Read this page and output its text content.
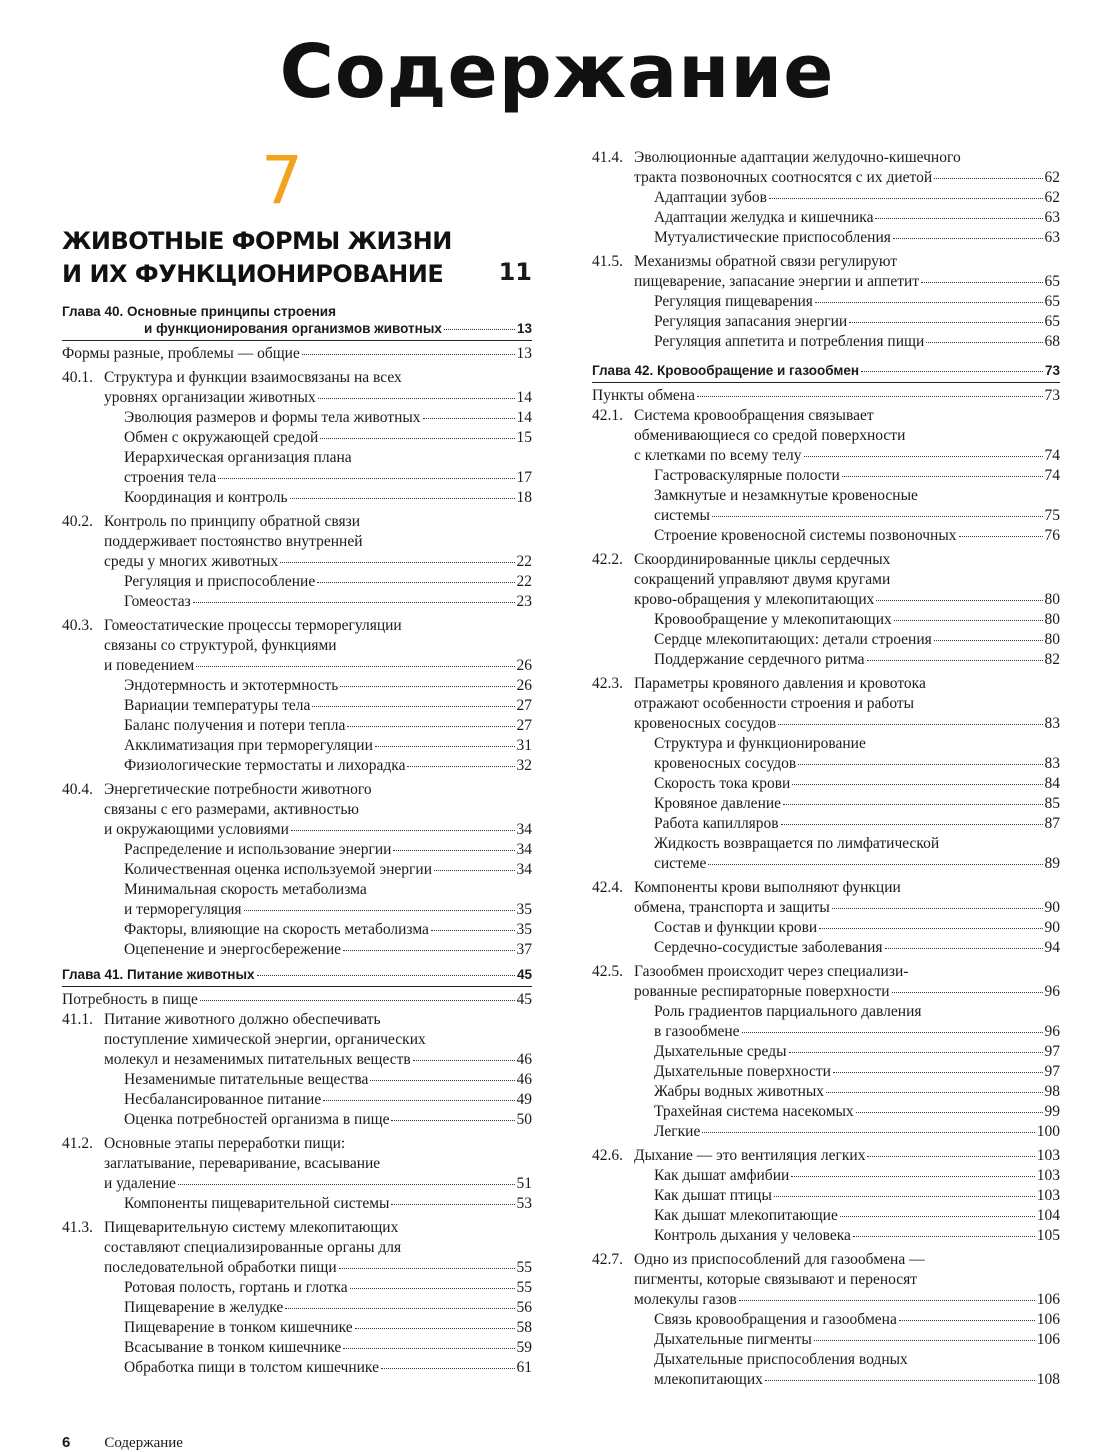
Содержание
7
ЖИВОТНЫЕ ФОРМЫ ЖИЗНИ
И ИХ ФУНКЦИОНИРОВАНИЕ	11
Глава 40. Основные принципы строения
и функционирования организмов животных	13
Формы разные, проблемы — общие	13
40.1. Структура и функции взаимосвязаны на всех
уровнях организации животных	14
Эволюция размеров и формы тела животных	14
Обмен с окружающей средой	15
Иерархическая организация плана
строения тела	17
Координация и контроль	18
40.2. Контроль по принципу обратной связи
поддерживает постоянство внутренней
среды у многих животных	22
Регуляция и приспособление	22
Гомеостаз	23
40.3. Гомеостатические процессы терморегуляции
связаны со структурой, функциями
и поведением	26
Эндотермность и эктотермность	26
Вариации температуры тела	27
Баланс получения и потери тепла	27
Акклиматизация при терморегуляции	31
Физиологические термостаты и лихорадка	32
40.4. Энергетические потребности животного
связаны с его размерами, активностью
и окружающими условиями	34
Распределение и использование энергии	34
Количественная оценка используемой энергии	34
Минимальная скорость метаболизма
и терморегуляция	35
Факторы, влияющие на скорость метаболизма	35
Оцепенение и энергосбережение	37
Глава 41. Питание животных	45
Потребность в пище	45
41.1. Питание животного должно обеспечивать
поступление химической энергии, органических
молекул и незаменимых питательных веществ	46
Незаменимые питательные вещества	46
Несбалансированное питание	49
Оценка потребностей организма в пище	50
41.2. Основные этапы переработки пищи:
заглатывание, переваривание, всасывание
и удаление	51
Компоненты пищеварительной системы	53
41.3. Пищеварительную систему млекопитающих
составляют специализированные органы для
последовательной обработки пищи	55
Ротовая полость, гортань и глотка	55
Пищеварение в желудке	56
Пищеварение в тонком кишечнике	58
Всасывание в тонком кишечнике	59
Обработка пищи в толстом кишечнике	61
41.4. Эволюционные адаптации желудочно-кишечного
тракта позвоночных соотносятся с их диетой	62
Адаптации зубов	62
Адаптации желудка и кишечника	63
Мутуалистические приспособления	63
41.5. Механизмы обратной связи регулируют
пищеварение, запасание энергии и аппетит	65
Регуляция пищеварения	65
Регуляция запасания энергии	65
Регуляция аппетита и потребления пищи	68
Глава 42. Кровообращение и газообмен	73
Пункты обмена	73
42.1. Система кровообращения связывает
обменивающиеся со средой поверхности
с клетками по всему телу	74
Гастроваскулярные полости	74
Замкнутые и незамкнутые кровеносные
системы	75
Строение кровеносной системы позвоночных	76
42.2. Скоординированные циклы сердечных
сокращений управляют двумя кругами
крово-обращения у млекопитающих	80
Кровообращение у млекопитающих	80
Сердце млекопитающих: детали строения	80
Поддержание сердечного ритма	82
42.3. Параметры кровяного давления и кровотока
отражают особенности строения и работы
кровеносных сосудов	83
Структура и функционирование
кровеносных сосудов	83
Скорость тока крови	84
Кровяное давление	85
Работа капилляров	87
Жидкость возвращается по лимфатической
системе	89
42.4. Компоненты крови выполняют функции
обмена, транспорта и защиты	90
Состав и функции крови	90
Сердечно-сосудистые заболевания	94
42.5. Газообмен происходит через специализи-
рованные респираторные поверхности	96
Роль градиентов парциального давления
в газообмене	96
Дыхательные среды	97
Дыхательные поверхности	97
Жабры водных животных	98
Трахейная система насекомых	99
Легкие	100
42.6. Дыхание — это вентиляция легких	103
Как дышат амфибии	103
Как дышат птицы	103
Как дышат млекопитающие	104
Контроль дыхания у человека	105
42.7. Одно из приспособлений для газообмена —
пигменты, которые связывают и переносят
молекулы газов	106
Связь кровообращения и газообмена	106
Дыхательные пигменты	106
Дыхательные приспособления водных
млекопитающих	108
6 Содержание
